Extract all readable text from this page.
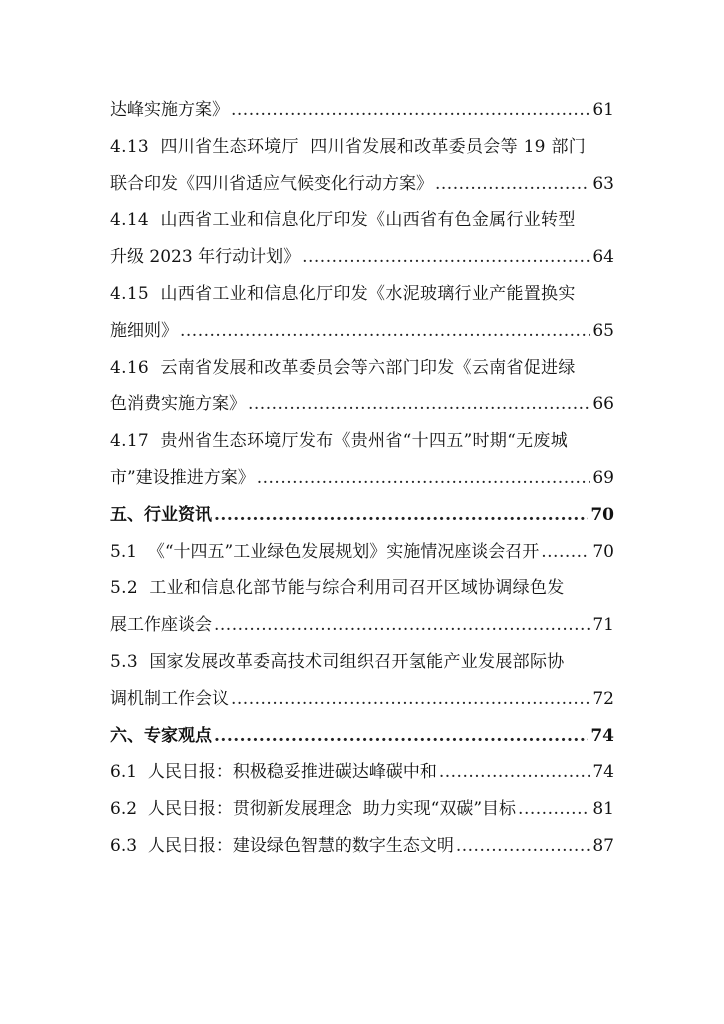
达峰实施方案》 .....	61
4.13  四川省生态环境厅  四川省发展和改革委员会等 19 部门
联合印发《四川省适应气候变化行动方案》 .....	63
4.14  山西省工业和信息化厅印发《山西省有色金属行业转型
升级 2023 年行动计划》 .....	64
4.15  山西省工业和信息化厅印发《水泥玻璃行业产能置换实
施细则》 .....	65
4.16  云南省发展和改革委员会等六部门印发《云南省促进绿
色消费实施方案》 .....	66
4.17  贵州省生态环境厅发布《贵州省“十四五”时期“无废城
市”建设推进方案》 .....	69
五、行业资讯 .....	70
5.1  《“十四五”工业绿色发展规划》实施情况座谈会召开 .....	70
5.2  工业和信息化部节能与综合利用司召开区域协调绿色发
展工作座谈会 .....	71
5.3  国家发展改革委高技术司组织召开氢能产业发展部际协
调机制工作会议 .....	72
六、专家观点 .....	74
6.1  人民日报：积极稳妥推进碳达峰碳中和 .....	74
6.2  人民日报：贯彻新发展理念  助力实现“双碳”目标 .....	81
6.3  人民日报：建设绿色智慧的数字生态文明 .....	87
